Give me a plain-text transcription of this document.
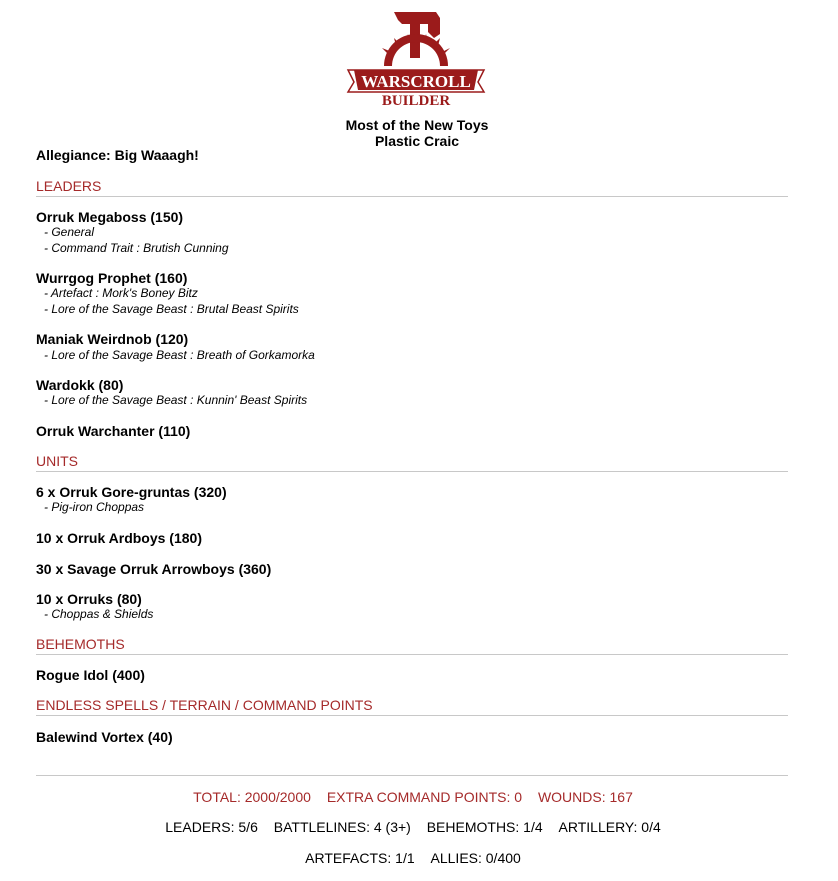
WARSCROLL
BUILDER
Most of the New Toys
Plastic Craic
Allegiance: Big Waaagh!
LEADERS
Orruk Megaboss (150)
- General
- Command Trait : Brutish Cunning
Wurrgog Prophet (160)
- Artefact : Mork's Boney Bitz
- Lore of the Savage Beast : Brutal Beast Spirits
Maniak Weirdnob (120)
- Lore of the Savage Beast : Breath of Gorkamorka
Wardokk (80)
- Lore of the Savage Beast : Kunnin' Beast Spirits
Orruk Warchanter (110)
UNITS
6 x Orruk Gore-gruntas (320)
- Pig-iron Choppas
10 x Orruk Ardboys (180)
30 x Savage Orruk Arrowboys (360)
10 x Orruks (80)
- Choppas & Shields
BEHEMOTHS
Rogue Idol (400)
ENDLESS SPELLS / TERRAIN / COMMAND POINTS
Balewind Vortex (40)
TOTAL: 2000/2000 EXTRA COMMAND POINTS: 0 WOUNDS: 167
LEADERS: 5/6 BATTLELINES: 4 (3+) BEHEMOTHS: 1/4 ARTILLERY: 0/4
ARTEFACTS: 1/1 ALLIES: 0/400
